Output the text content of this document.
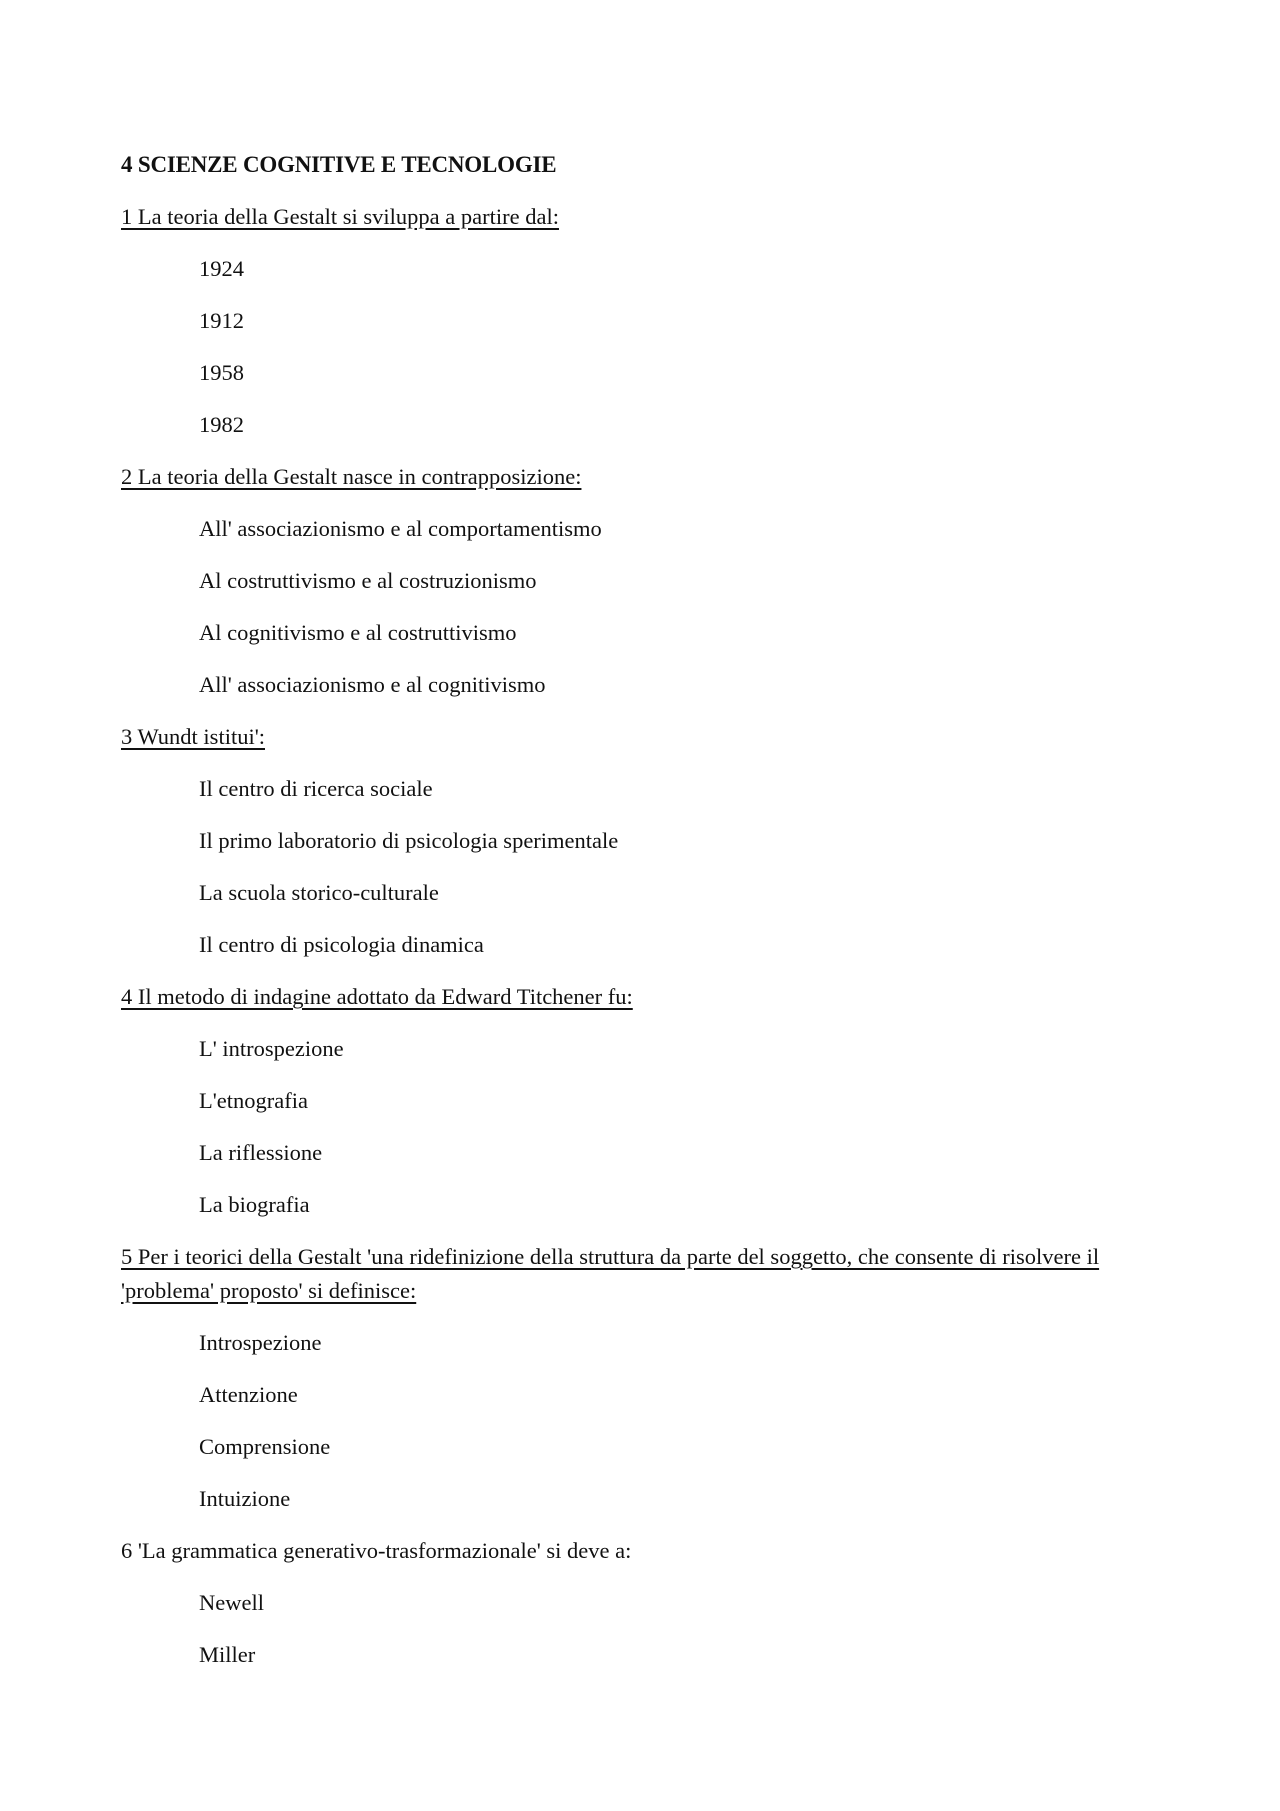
4 SCIENZE COGNITIVE E TECNOLOGIE
1 La teoria della Gestalt si sviluppa a partire dal:
1924
1912
1958
1982
2 La teoria della Gestalt nasce in contrapposizione:
All' associazionismo e al comportamentismo
Al costruttivismo e al costruzionismo
Al cognitivismo e al costruttivismo
All' associazionismo e al cognitivismo
3 Wundt istitui':
Il centro di ricerca sociale
Il primo laboratorio di psicologia sperimentale
La scuola storico-culturale
Il centro di psicologia dinamica
4 Il metodo di indagine adottato da Edward Titchener fu:
L' introspezione
L'etnografia
La riflessione
La biografia
5 Per i teorici della Gestalt 'una ridefinizione della struttura da parte del soggetto, che consente di risolvere il 'problema' proposto' si definisce:
Introspezione
Attenzione
Comprensione
Intuizione
6 'La grammatica generativo-trasformazionale' si deve a:
Newell
Miller
